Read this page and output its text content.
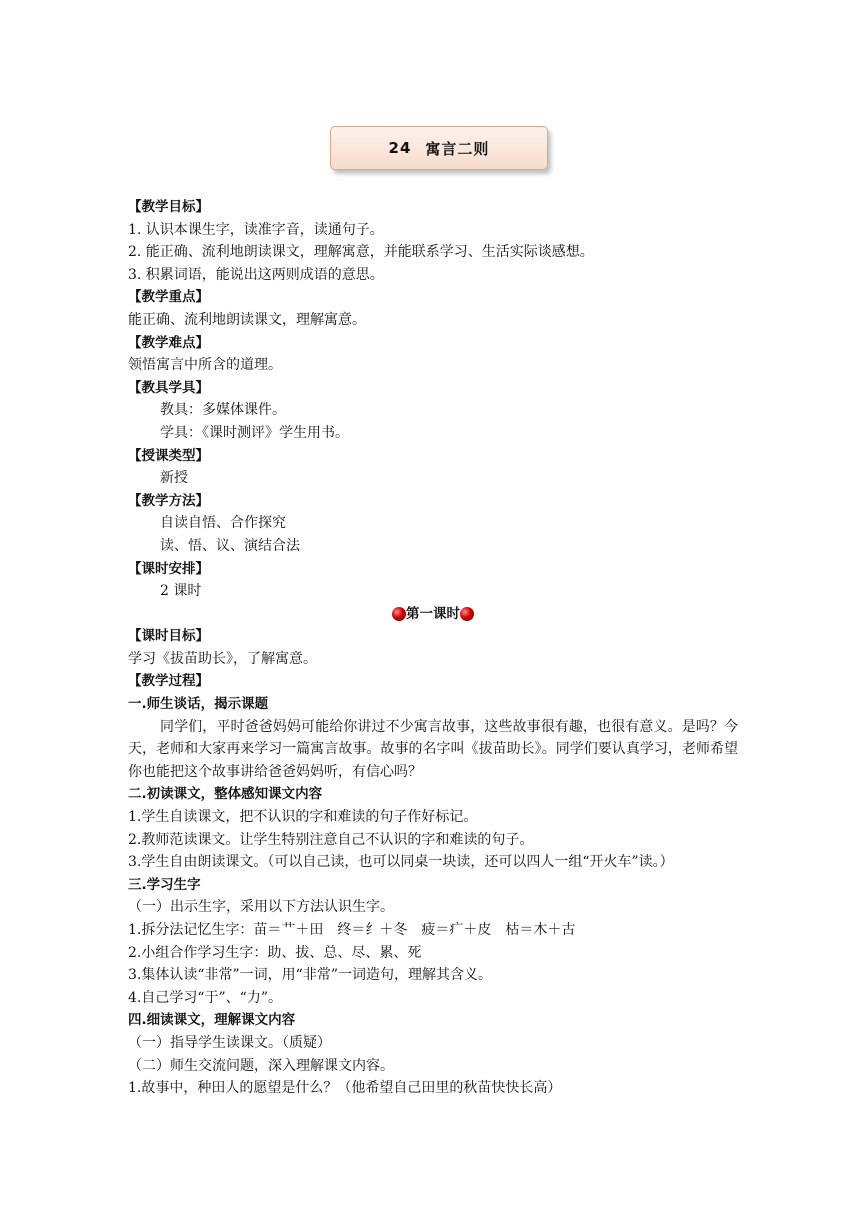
24 寓言二则
【教学目标】
1. 认识本课生字，读准字音，读通句子。
2. 能正确、流利地朗读课文，理解寓意，并能联系学习、生活实际谈感想。
3. 积累词语，能说出这两则成语的意思。
【教学重点】
能正确、流利地朗读课文，理解寓意。
【教学难点】
领悟寓言中所含的道理。
【教具学具】
教具：多媒体课件。
学具：《课时测评》学生用书。
【授课类型】
新授
【教学方法】
自读自悟、合作探究
读、悟、议、演结合法
【课时安排】
2 课时
第一课时
【课时目标】
学习《拔苗助长》，了解寓意。
【教学过程】
一.师生谈话，揭示课题
同学们，平时爸爸妈妈可能给你讲过不少寓言故事，这些故事很有趣，也很有意义。是吗？今天，老师和大家再来学习一篇寓言故事。故事的名字叫《拔苗助长》。同学们要认真学习，老师希望你也能把这个故事讲给爸爸妈妈听，有信心吗？
二.初读课文，整体感知课文内容
1.学生自读课文，把不认识的字和难读的句子作好标记。
2.教师范读课文。让学生特别注意自己不认识的字和难读的句子。
3.学生自由朗读课文。（可以自己读，也可以同桌一块读，还可以四人一组“开火车”读。）
三.学习生字
（一）出示生字，采用以下方法认识生字。
1.拆分法记忆生字：苗＝艹＋田　终＝纟＋冬　疲＝疒＋皮　枯＝木＋古
2.小组合作学习生字：助、拔、总、尽、累、死
3.集体认读“非常”一词，用“非常”一词造句，理解其含义。
4.自己学习“于”、“力”。
四.细读课文，理解课文内容
（一）指导学生读课文。（质疑）
（二）师生交流问题，深入理解课文内容。
1.故事中，种田人的愿望是什么？（他希望自己田里的秋苗快快长高）
